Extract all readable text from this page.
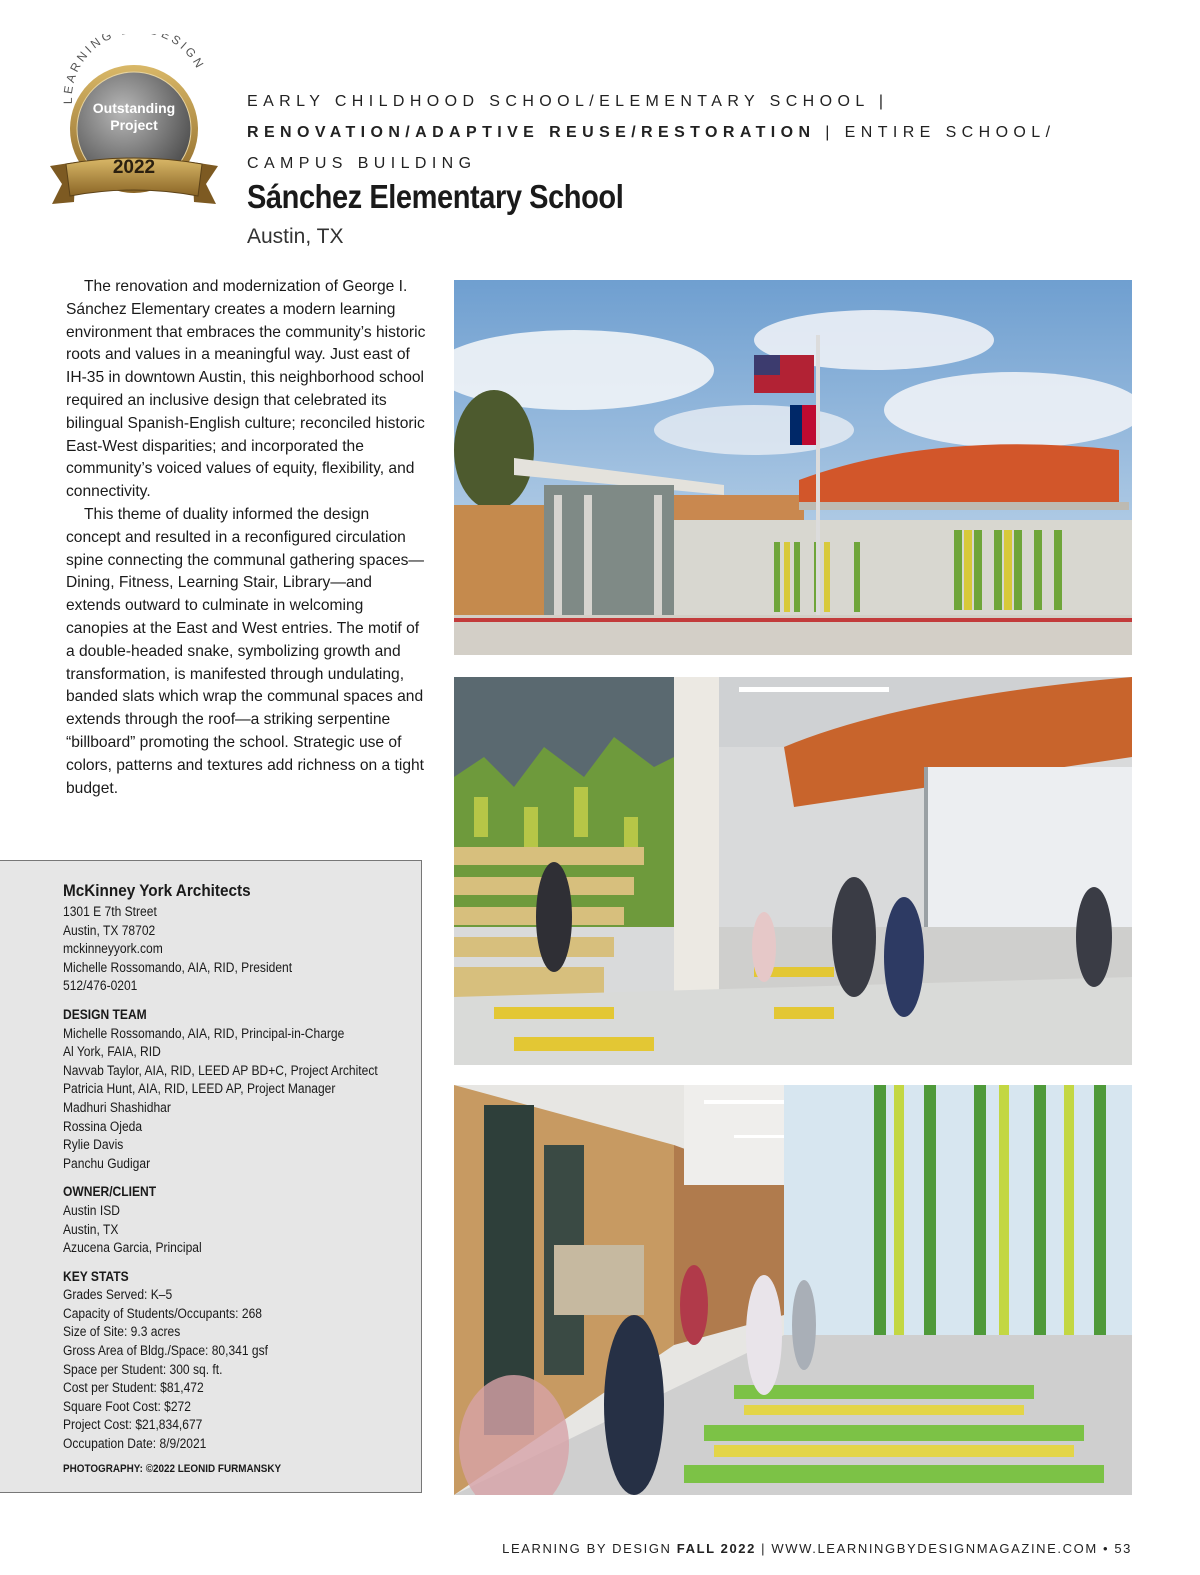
LEARNING ESIGN
Outstanding Project
2022
EARLY CHILDHOOD SCHOOL/ELEMENTARY SCHOOL |
RENOVATION/ADAPTIVE REUSE/RESTORATION | ENTIRE SCHOOL/
CAMPUS BUILDING
Sánchez Elementary School
Austin, TX

The renovation and modernization of George I. Sánchez Elementary creates a modern learning environment that embraces the community’s historic roots and values in a meaningful way. Just east of IH-35 in downtown Austin, this neighborhood school required an inclusive design that celebrated its bilingual Spanish-English culture; reconciled historic East-West disparities; and incorporated the community’s voiced values of equity, flexibility, and connectivity.

This theme of duality informed the design concept and resulted in a reconfigured circulation spine connecting the communal gathering spaces—Dining, Fitness, Learning Stair, Library—and extends outward to culminate in welcoming canopies at the East and West entries. The motif of a double-headed snake, symbolizing growth and transformation, is manifested through undulating, banded slats which wrap the communal spaces and extends through the roof—a striking serpentine “billboard” promoting the school. Strategic use of colors, patterns and textures add richness on a tight budget.

McKinney York Architects
1301 E 7th Street
Austin, TX 78702
mckinneyyork.com
Michelle Rossomando, AIA, RID, President
512/476-0201
DESIGN TEAM
Michelle Rossomando, AIA, RID, Principal-in-Charge
Al York, FAIA, RID
Navvab Taylor, AIA, RID, LEED AP BD+C, Project Architect
Patricia Hunt, AIA, RID, LEED AP, Project Manager
Madhuri Shashidhar
Rossina Ojeda
Rylie Davis
Panchu Gudigar
OWNER/CLIENT
Austin ISD
Austin, TX
Azucena Garcia, Principal
KEY STATS
Grades Served: K–5
Capacity of Students/Occupants: 268
Size of Site: 9.3 acres
Gross Area of Bldg./Space: 80,341 gsf
Space per Student: 300 sq. ft.
Cost per Student: $81,472
Square Foot Cost: $272
Project Cost: $21,834,677
Occupation Date: 8/9/2021
PHOTOGRAPHY: ©2022 LEONID FURMANSKY
LEARNING BY DESIGN FALL 2022 | WWW.LEARNINGBYDESIGNMAGAZINE.COM • 53
